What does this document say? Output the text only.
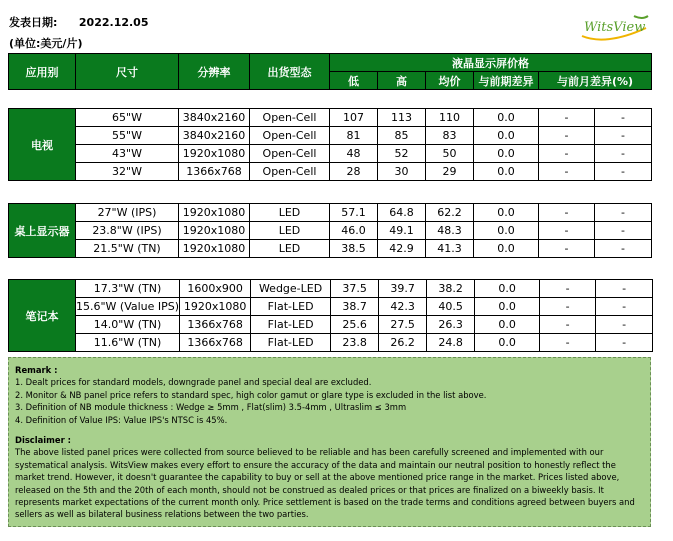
发表日期: 2022.12.05
(单位:美元/片)
WitsView
应用别	尺寸	分辨率	出货型态	液晶显示屏价格				
				低	高	均价	与前期差异	与前月差异(%)
电视	65"W	3840x2160	Open-Cell	107	113	110	0.0	-	-
	55"W	3840x2160	Open-Cell	81	85	83	0.0	-	-
	43"W	1920x1080	Open-Cell	48	52	50	0.0	-	-
	32"W	1366x768	Open-Cell	28	30	29	0.0	-	-
桌上显示器	27"W (IPS)	1920x1080	LED	57.1	64.8	62.2	0.0	-	-
	23.8"W (IPS)	1920x1080	LED	46.0	49.1	48.3	0.0	-	-
	21.5"W (TN)	1920x1080	LED	38.5	42.9	41.3	0.0	-	-
笔记本	17.3"W (TN)	1600x900	Wedge-LED	37.5	39.7	38.2	0.0	-	-
	15.6"W (Value IPS)	1920x1080	Flat-LED	38.7	42.3	40.5	0.0	-	-
	14.0"W (TN)	1366x768	Flat-LED	25.6	27.5	26.3	0.0	-	-
	11.6"W (TN)	1366x768	Flat-LED	23.8	26.2	24.8	0.0	-	-

Remark :

1. Dealt prices for standard models, downgrade panel and special deal are excluded.

2. Monitor & NB panel price refers to standard spec, high color gamut or glare type is excluded in the list above.

3. Definition of NB module thickness : Wedge ≥ 5mm , Flat(slim) 3.5-4mm , Ultraslim ≤ 3mm

4. Definition of Value IPS: Value IPS's NTSC is 45%.

Disclaimer :

The above listed panel prices were collected from source believed to be reliable and has been carefully screened and implemented with our systematical analysis. WitsView makes every effort to ensure the accuracy of the data and maintain our neutral position to honestly reflect the market trend. However, it doesn't guarantee the capability to buy or sell at the above mentioned price range in the market. Prices listed above, released on the 5th and the 20th of each month, should not be construed as dealed prices or that prices are finalized on a biweekly basis. It represents market expectations of the current month only. Price settlement is based on the trade terms and conditions agreed between buyers and sellers as well as bilateral business relations between the two parties.
